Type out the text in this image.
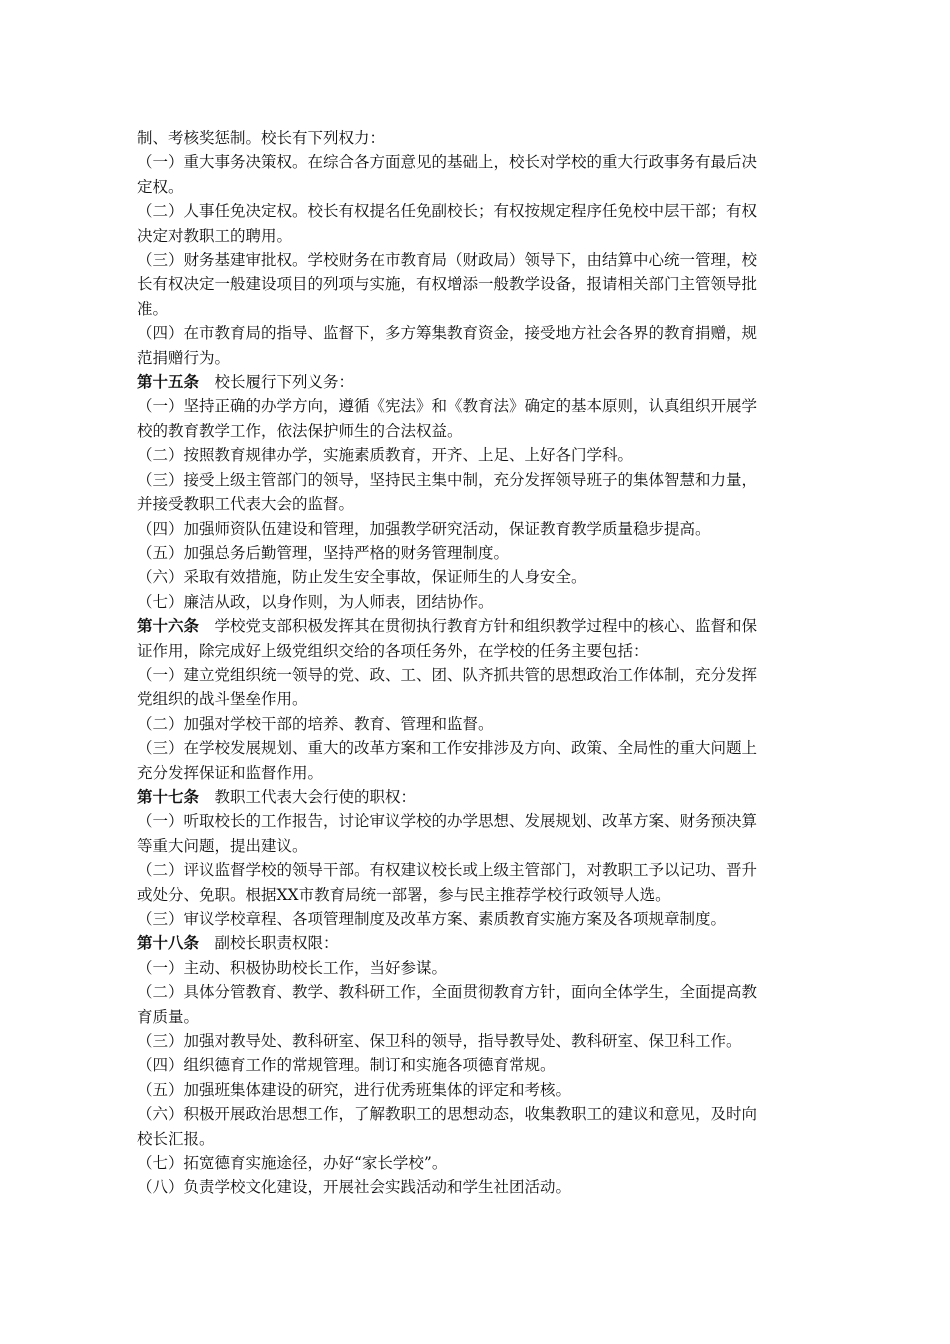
制、考核奖惩制。校长有下列权力：
（一）重大事务决策权。在综合各方面意见的基础上，校长对学校的重大行政事务有最后决
定权。
（二）人事任免决定权。校长有权提名任免副校长；有权按规定程序任免校中层干部；有权
决定对教职工的聘用。
（三）财务基建审批权。学校财务在市教育局（财政局）领导下，由结算中心统一管理，校
长有权决定一般建设项目的列项与实施，有权增添一般教学设备，报请相关部门主管领导批
准。
（四）在市教育局的指导、监督下，多方筹集教育资金，接受地方社会各界的教育捐赠，规
范捐赠行为。
第十五条　校长履行下列义务：
（一）坚持正确的办学方向，遵循《宪法》和《教育法》确定的基本原则，认真组织开展学
校的教育教学工作，依法保护师生的合法权益。
（二）按照教育规律办学，实施素质教育，开齐、上足、上好各门学科。
（三）接受上级主管部门的领导，坚持民主集中制，充分发挥领导班子的集体智慧和力量，
并接受教职工代表大会的监督。
（四）加强师资队伍建设和管理，加强教学研究活动，保证教育教学质量稳步提高。
（五）加强总务后勤管理，坚持严格的财务管理制度。
（六）采取有效措施，防止发生安全事故，保证师生的人身安全。
（七）廉洁从政，以身作则，为人师表，团结协作。
第十六条　学校党支部积极发挥其在贯彻执行教育方针和组织教学过程中的核心、监督和保
证作用，除完成好上级党组织交给的各项任务外，在学校的任务主要包括：
（一）建立党组织统一领导的党、政、工、团、队齐抓共管的思想政治工作体制，充分发挥
党组织的战斗堡垒作用。
（二）加强对学校干部的培养、教育、管理和监督。
（三）在学校发展规划、重大的改革方案和工作安排涉及方向、政策、全局性的重大问题上
充分发挥保证和监督作用。
第十七条　教职工代表大会行使的职权：
（一）听取校长的工作报告，讨论审议学校的办学思想、发展规划、改革方案、财务预决算
等重大问题，提出建议。
（二）评议监督学校的领导干部。有权建议校长或上级主管部门，对教职工予以记功、晋升
或处分、免职。根据XX市教育局统一部署，参与民主推荐学校行政领导人选。
（三）审议学校章程、各项管理制度及改革方案、素质教育实施方案及各项规章制度。
第十八条　副校长职责权限：
（一）主动、积极协助校长工作，当好参谋。
（二）具体分管教育、教学、教科研工作，全面贯彻教育方针，面向全体学生，全面提高教
育质量。
（三）加强对教导处、教科研室、保卫科的领导，指导教导处、教科研室、保卫科工作。
（四）组织德育工作的常规管理。制订和实施各项德育常规。
（五）加强班集体建设的研究，进行优秀班集体的评定和考核。
（六）积极开展政治思想工作，了解教职工的思想动态，收集教职工的建议和意见，及时向
校长汇报。
（七）拓宽德育实施途径，办好“家长学校”。
（八）负责学校文化建设，开展社会实践活动和学生社团活动。
